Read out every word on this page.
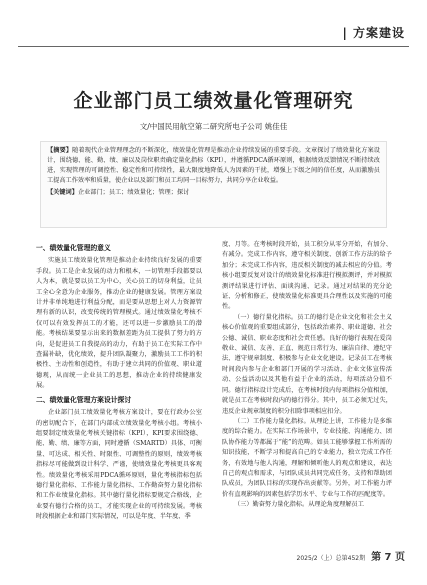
| 方案建设
企业部门员工绩效量化管理研究
文/中国民用航空第二研究所电子公司 姚佳佳
【摘要】随着现代企业管理理念的不断深化，绩效量化管理是推动企业持续发展的重要手段。文章探讨了绩效量化方案设计，围绕德、能、勤、绩、廉以及岗位职责确定量化指标（KPI），并遵循PDCA循环原则，根据绩效反馈情况不断持续改进，实现管理的可调控性、稳定性和可持续性，最大限度地降低人为因素的干扰，增强上下级之间的信任度，从而激励员工提高工作效率和质量，使企业以及部门和员工均同一目标努力，共同分享企业收益。
【关键词】企业部门；员工；绩效量化；管理；探讨
一、绩效量化管理的意义

实施员工绩效量化管理是推动企业持续良好发展的重要手段。员工是企业发展的动力和根本，一切管理手段都要以人为本，就是要以员工为中心，关心员工的切身利益，让员工全心全意为企业服务，推动企业的健康发展。管理方案设计并非单纯地进行利益分配，而是要从思想上对人力资源管理有新的认识，改变传统的管理模式。通过绩效量化考核不仅可以有效发挥员工的才能，还可以进一步激励员工的潜能。考核结果要显示出来的数据差距为员工提供了努力的方向，是促进员工自我提高的动力，有助于员工在实际工作中查漏补缺，优化绩效，提升团队凝聚力，激励员工工作的积极性、主动性和创造性，有助于建立共同的价值观、职业道德观，从而统一企业员工的思想，推动企业的持续健康发展。

二、绩效量化管理方案设计探讨

企业部门员工绩效量化考核方案设计，要在行政办公室的密切配合下，在部门内部成立绩效量化考核小组。考核小组要制定绩效量化考核关键指标（KPI），KPI要求围绕德、能、勤、绩、廉等方面，同时遵循（SMARTD）具体、可衡量、可达成、相关性、时限性、可调整性的原则，绩效考核指标尽可能做到设计科学、严谨，使绩效量化考核更具客观性。绩效量化考核采用PDCA循环原则，量化考核指标包括德行量化指标、工作能力量化指标、工作勤奋努力量化指标和工作业绩量化指标。其中德行量化指标要规定合格线，企业要有德行合格的员工，才能实现企业的可持续发展。考核时段根据企业和部门实际情况，可以是年度、半年度、季

度、月等。在考核时段开始，员工积分从零分开始，有加分、有减分。完成工作内容，遵守相关制度、创新工作方法的给予加分；未完成工作内容，违反相关制度的减去相应的分值。考核小组要反复对设计的绩效量化标准进行模拟测评，并对模拟测评结果进行评估、面谈沟通、记录。通过对结果的充分论证、分析和修正，使绩效量化标准更具合理性以及实施的可能性。

（一）德行量化指标。员工的德行是企业文化和社会主义核心价值观的重要组成部分，包括政治素养、职业道德、社会公德、诚信、职业态度和社会责任感。良好的德行表现在爱岗敬业、诚信、友善、正直、规范日常行为、廉洁自律、遵纪守法、遵守规章制度、积极参与企业文化建设。记录员工在考核时间段内参与企业和部门开展的学习活动、企业文体宣传活动、公益活动以及其他有益于企业的活动，每项活动分值不同。德行指标设计完成后，在考核时段内每项指标分值相加，就是员工在考核时段内的德行得分。其中，员工必须无过失，违反企业规章制度的积分扣除事项相应扣分。

（二）工作能力量化指标。从理论上讲，工作能力是多维度的综合能力。在实际工作场景中，专业技能、沟通能力、团队协作能力等都属于“能”的范畴。如员工能够掌握工作所需的知识技能，不断学习和提高自己的专业能力，独立完成工作任务，有效地与他人沟通，理解和倾听他人的观点和建议，表达自己的观点和需求，与团队成员共同完成任务，支持和帮助团队成员，为团队目标的实现作出贡献等。另外，对工作能力评价有直观影响的因素包括学历水平、专业与工作的匹配度等。

（三）勤奋努力量化指标。从理论角度理解员工

2025/2（上）总第452期 第 7 页
